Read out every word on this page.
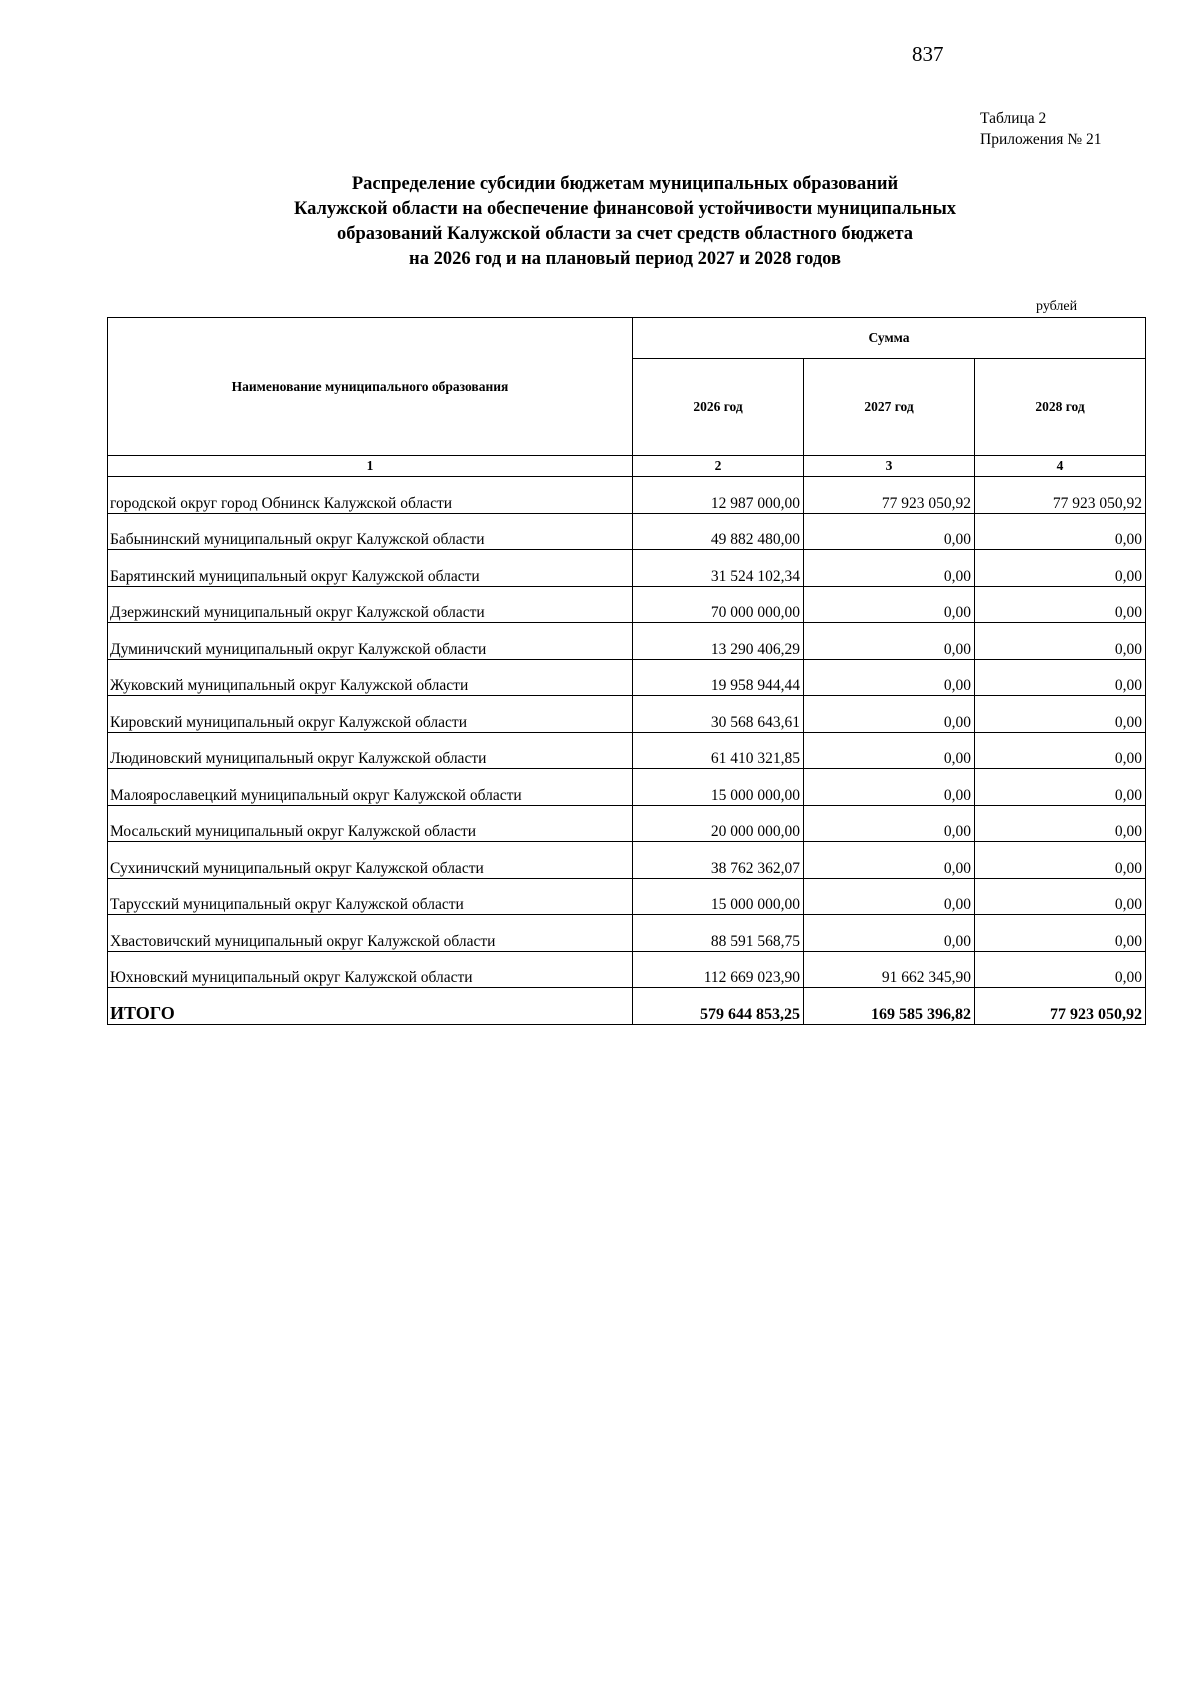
837
Таблица 2
Приложения № 21
Распределение субсидии бюджетам муниципальных образований
Калужской области на обеспечение финансовой устойчивости муниципальных
образований Калужской области за счет средств областного бюджета
на 2026 год и на плановый период 2027 и 2028 годов
рублей
Наименование муниципального образования	Сумма		
	2026 год	2027 год	2028 год
1	2	3	4
городской округ город Обнинск Калужской области	12 987 000,00	77 923 050,92	77 923 050,92
Бабынинский муниципальный округ Калужской области	49 882 480,00	0,00	0,00
Барятинский муниципальный округ Калужской области	31 524 102,34	0,00	0,00
Дзержинский муниципальный округ Калужской области	70 000 000,00	0,00	0,00
Думиничский муниципальный округ Калужской области	13 290 406,29	0,00	0,00
Жуковский муниципальный округ Калужской области	19 958 944,44	0,00	0,00
Кировский муниципальный округ Калужской области	30 568 643,61	0,00	0,00
Людиновский муниципальный округ Калужской области	61 410 321,85	0,00	0,00
Малоярославецкий муниципальный округ Калужской области	15 000 000,00	0,00	0,00
Мосальский муниципальный округ Калужской области	20 000 000,00	0,00	0,00
Сухиничский муниципальный округ Калужской области	38 762 362,07	0,00	0,00
Тарусский муниципальный округ Калужской области	15 000 000,00	0,00	0,00
Хвастовичский муниципальный округ Калужской области	88 591 568,75	0,00	0,00
Юхновский муниципальный округ Калужской области	112 669 023,90	91 662 345,90	0,00
ИТОГО	579 644 853,25	169 585 396,82	77 923 050,92
